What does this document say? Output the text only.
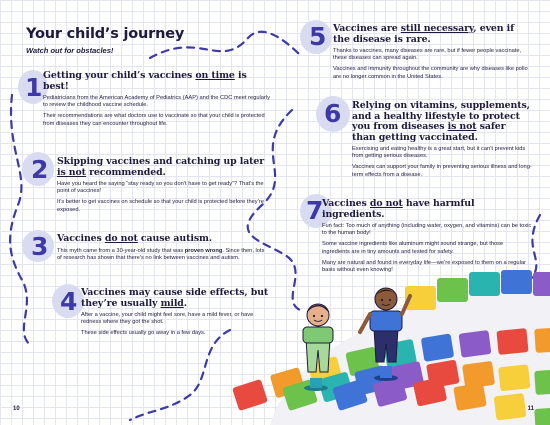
Your child’s journey
Watch out for obstacles!
1
2
3
4
5
6
7
Getting your child’s vaccines on time is best!

Pediatricians from the American Academy of Pediatrics (AAP) and the CDC meet regularly to review the childhood vaccine schedule.

Their recommendations are what doctors use to vaccinate so that your child is protected from diseases they can encounter throughout life.

Skipping vaccines and catching up later is not recommended.

Have you heard the saying “stay ready so you don’t have to get ready”? That’s the point of vaccines!

It’s better to get vaccines on schedule so that your child is protected before they’re exposed.

Vaccines do not cause autism.

This myth came from a 30-year-old study that was proven wrong. Since then, lots of research has shown that there’s no link between vaccines and autism.

Vaccines may cause side effects, but they’re usually mild.

After a vaccine, your child might feel sore, have a mild fever, or have redness where they got the shot.

These side effects usually go away in a few days.

Vaccines are still necessary, even if the disease is rare.

Thanks to vaccines, many diseases are rare, but if fewer people vaccinate, these diseases can spread again.

Vaccines and immunity throughout the community are why diseases like polio are no longer common in the United States.

Relying on vitamins, supplements, and a healthy lifestyle to protect you from diseases is not safer than getting vaccinated.

Exercising and eating healthy is a great start, but it can’t prevent kids from getting serious diseases.

Vaccines can support your family in preventing serious illness and long-term effects from a disease.

Vaccines do not have harmful ingredients.

Fun fact: Too much of anything (including water, oxygen, and vitamins) can be toxic to the human body!

Some vaccine ingredients like aluminum might sound strange, but those ingredients are in tiny amounts and tested for safety.

Many are natural and found in everyday life—we’re exposed to them on a regular basis without even knowing!

10	11
